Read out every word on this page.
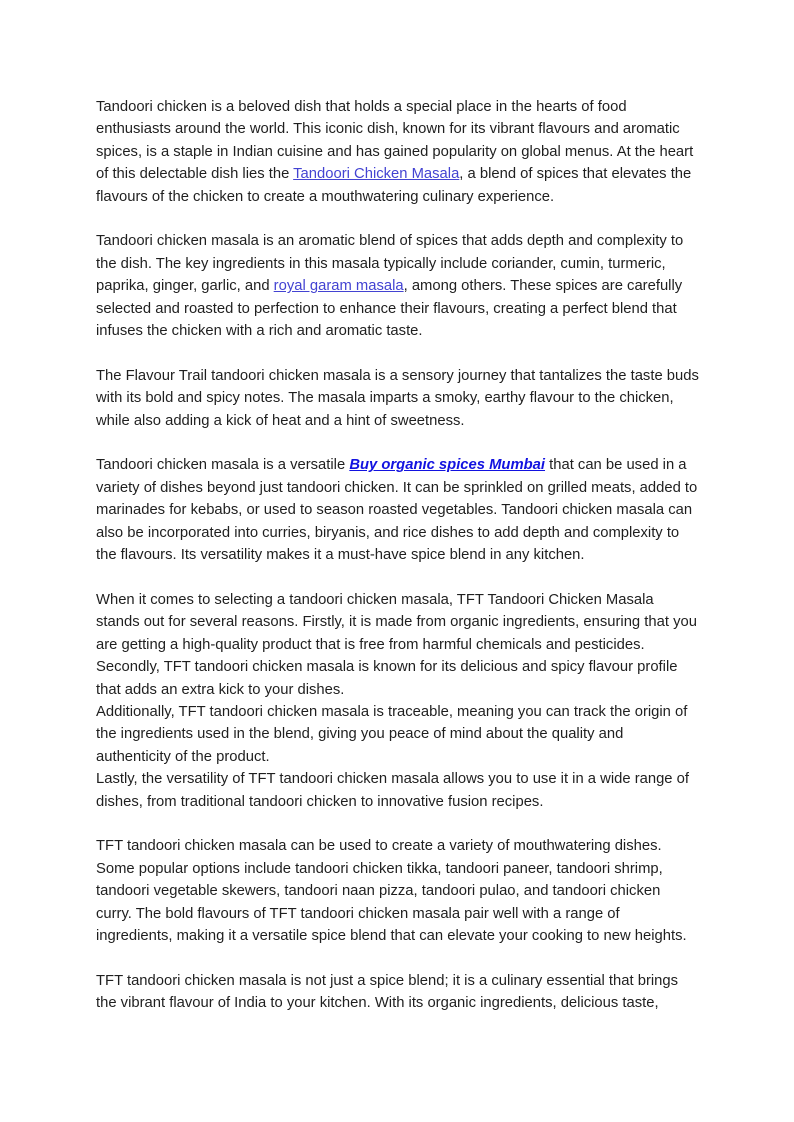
Tandoori chicken is a beloved dish that holds a special place in the hearts of food enthusiasts around the world. This iconic dish, known for its vibrant flavours and aromatic spices, is a staple in Indian cuisine and has gained popularity on global menus. At the heart of this delectable dish lies the Tandoori Chicken Masala, a blend of spices that elevates the flavours of the chicken to create a mouthwatering culinary experience.

Tandoori chicken masala is an aromatic blend of spices that adds depth and complexity to the dish. The key ingredients in this masala typically include coriander, cumin, turmeric, paprika, ginger, garlic, and royal garam masala, among others. These spices are carefully selected and roasted to perfection to enhance their flavours, creating a perfect blend that infuses the chicken with a rich and aromatic taste.

The Flavour Trail tandoori chicken masala is a sensory journey that tantalizes the taste buds with its bold and spicy notes. The masala imparts a smoky, earthy flavour to the chicken, while also adding a kick of heat and a hint of sweetness.

Tandoori chicken masala is a versatile Buy organic spices Mumbai that can be used in a variety of dishes beyond just tandoori chicken. It can be sprinkled on grilled meats, added to marinades for kebabs, or used to season roasted vegetables. Tandoori chicken masala can also be incorporated into curries, biryanis, and rice dishes to add depth and complexity to the flavours. Its versatility makes it a must-have spice blend in any kitchen.

When it comes to selecting a tandoori chicken masala, TFT Tandoori Chicken Masala stands out for several reasons. Firstly, it is made from organic ingredients, ensuring that you are getting a high-quality product that is free from harmful chemicals and pesticides.

Secondly, TFT tandoori chicken masala is known for its delicious and spicy flavour profile that adds an extra kick to your dishes.

Additionally, TFT tandoori chicken masala is traceable, meaning you can track the origin of the ingredients used in the blend, giving you peace of mind about the quality and authenticity of the product.

Lastly, the versatility of TFT tandoori chicken masala allows you to use it in a wide range of dishes, from traditional tandoori chicken to innovative fusion recipes.

TFT tandoori chicken masala can be used to create a variety of mouthwatering dishes. Some popular options include tandoori chicken tikka, tandoori paneer, tandoori shrimp, tandoori vegetable skewers, tandoori naan pizza, tandoori pulao, and tandoori chicken curry. The bold flavours of TFT tandoori chicken masala pair well with a range of ingredients, making it a versatile spice blend that can elevate your cooking to new heights.

TFT tandoori chicken masala is not just a spice blend; it is a culinary essential that brings the vibrant flavour of India to your kitchen. With its organic ingredients, delicious taste,
